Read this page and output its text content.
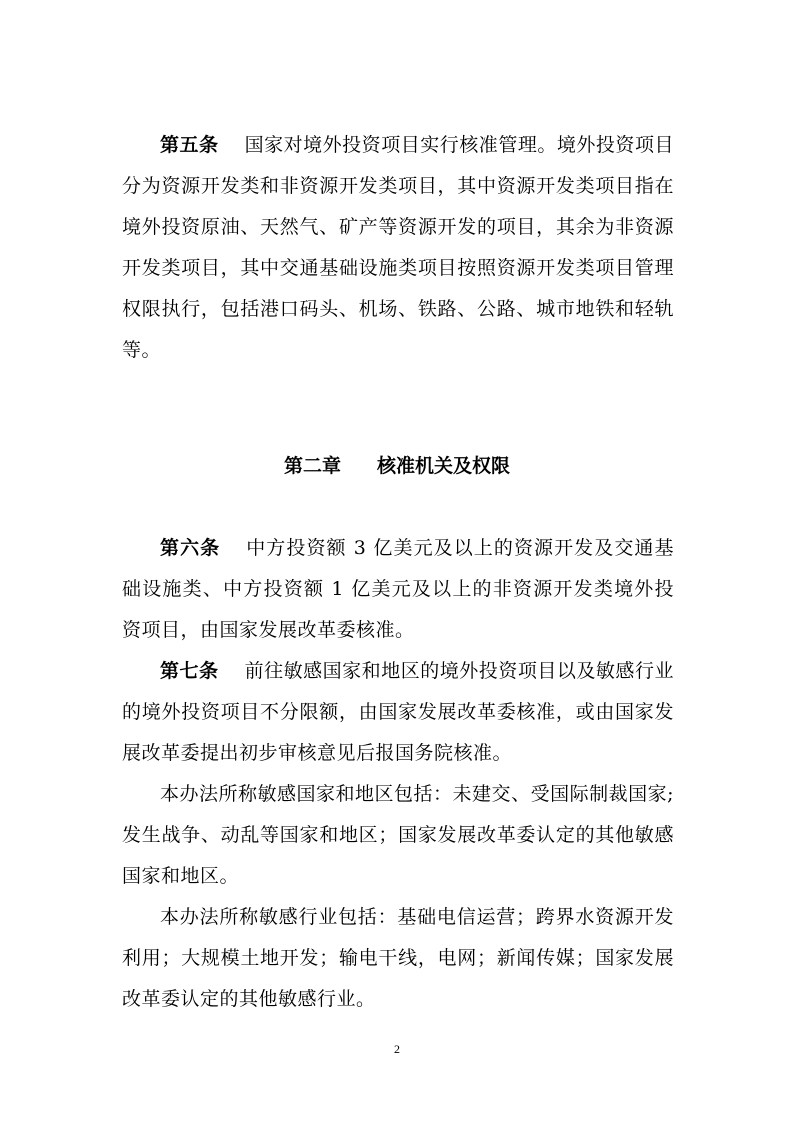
第五条 国家对境外投资项目实行核准管理。境外投资项目分为资源开发类和非资源开发类项目，其中资源开发类项目指在境外投资原油、天然气、矿产等资源开发的项目，其余为非资源开发类项目，其中交通基础设施类项目按照资源开发类项目管理权限执行，包括港口码头、机场、铁路、公路、城市地铁和轻轨等。

第二章 核准机关及权限

第六条 中方投资额 3 亿美元及以上的资源开发及交通基础设施类、中方投资额 1 亿美元及以上的非资源开发类境外投资项目，由国家发展改革委核准。

第七条 前往敏感国家和地区的境外投资项目以及敏感行业的境外投资项目不分限额，由国家发展改革委核准，或由国家发展改革委提出初步审核意见后报国务院核准。

本办法所称敏感国家和地区包括：未建交、受国际制裁国家;发生战争、动乱等国家和地区；国家发展改革委认定的其他敏感国家和地区。

本办法所称敏感行业包括：基础电信运营；跨界水资源开发利用；大规模土地开发；输电干线，电网；新闻传媒；国家发展改革委认定的其他敏感行业。

2
